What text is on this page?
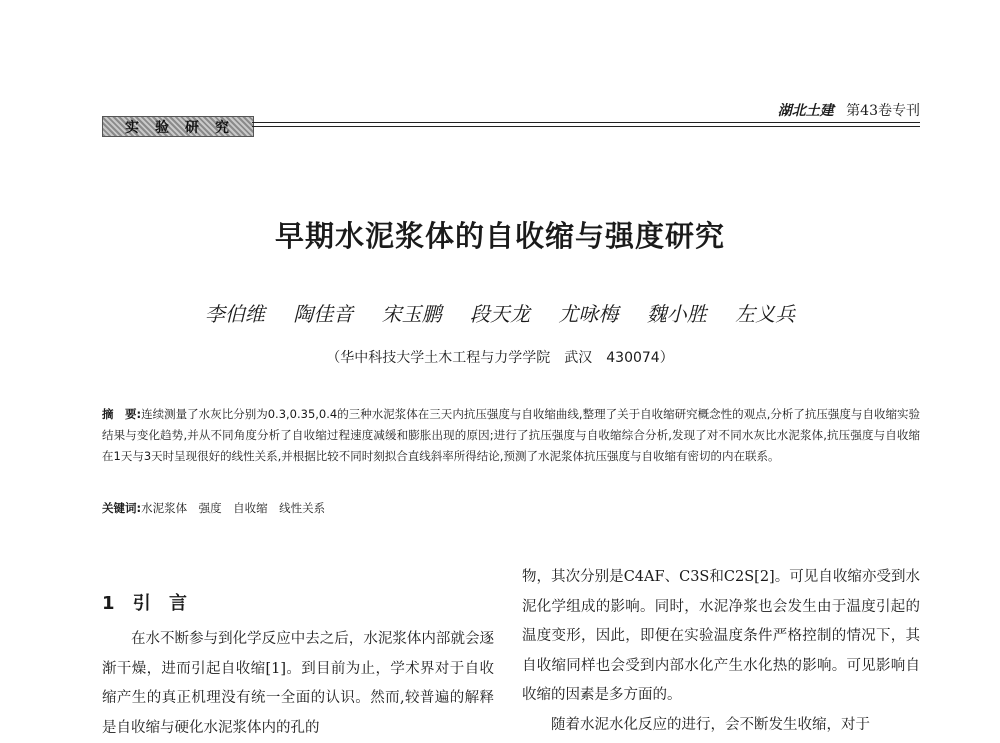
实 验 研 究
湖北土建 第43卷专刊
早期水泥浆体的自收缩与强度研究
李伯维 陶佳音 宋玉鹏 段天龙 尤咏梅 魏小胜 左义兵
（华中科技大学土木工程与力学学院　武汉　430074）
摘　要:连续测量了水灰比分别为0.3,0.35,0.4的三种水泥浆体在三天内抗压强度与自收缩曲线,整理了关于自收缩研究概念性的观点,分析了抗压强度与自收缩实验结果与变化趋势,并从不同角度分析了自收缩过程速度减缓和膨胀出现的原因;进行了抗压强度与自收缩综合分析,发现了对不同水灰比水泥浆体,抗压强度与自收缩在1天与3天时呈现很好的线性关系,并根据比较不同时刻拟合直线斜率所得结论,预测了水泥浆体抗压强度与自收缩有密切的内在联系。
关键词:水泥浆体　强度　自收缩　线性关系
1 引 言

在水不断参与到化学反应中去之后，水泥浆体内部就会逐渐干燥，进而引起自收缩[1]。到目前为止，学术界对于自收缩产生的真正机理没有统一全面的认识。然而,较普遍的解释是自收缩与硬化水泥浆体内的孔的

物，其次分别是C4AF、C3S和C2S[2]。可见自收缩亦受到水泥化学组成的影响。同时，水泥净浆也会发生由于温度引起的温度变形，因此，即便在实验温度条件严格控制的情况下，其自收缩同样也会受到内部水化产生水化热的影响。可见影响自收缩的因素是多方面的。

随着水泥水化反应的进行，会不断发生收缩，对于
